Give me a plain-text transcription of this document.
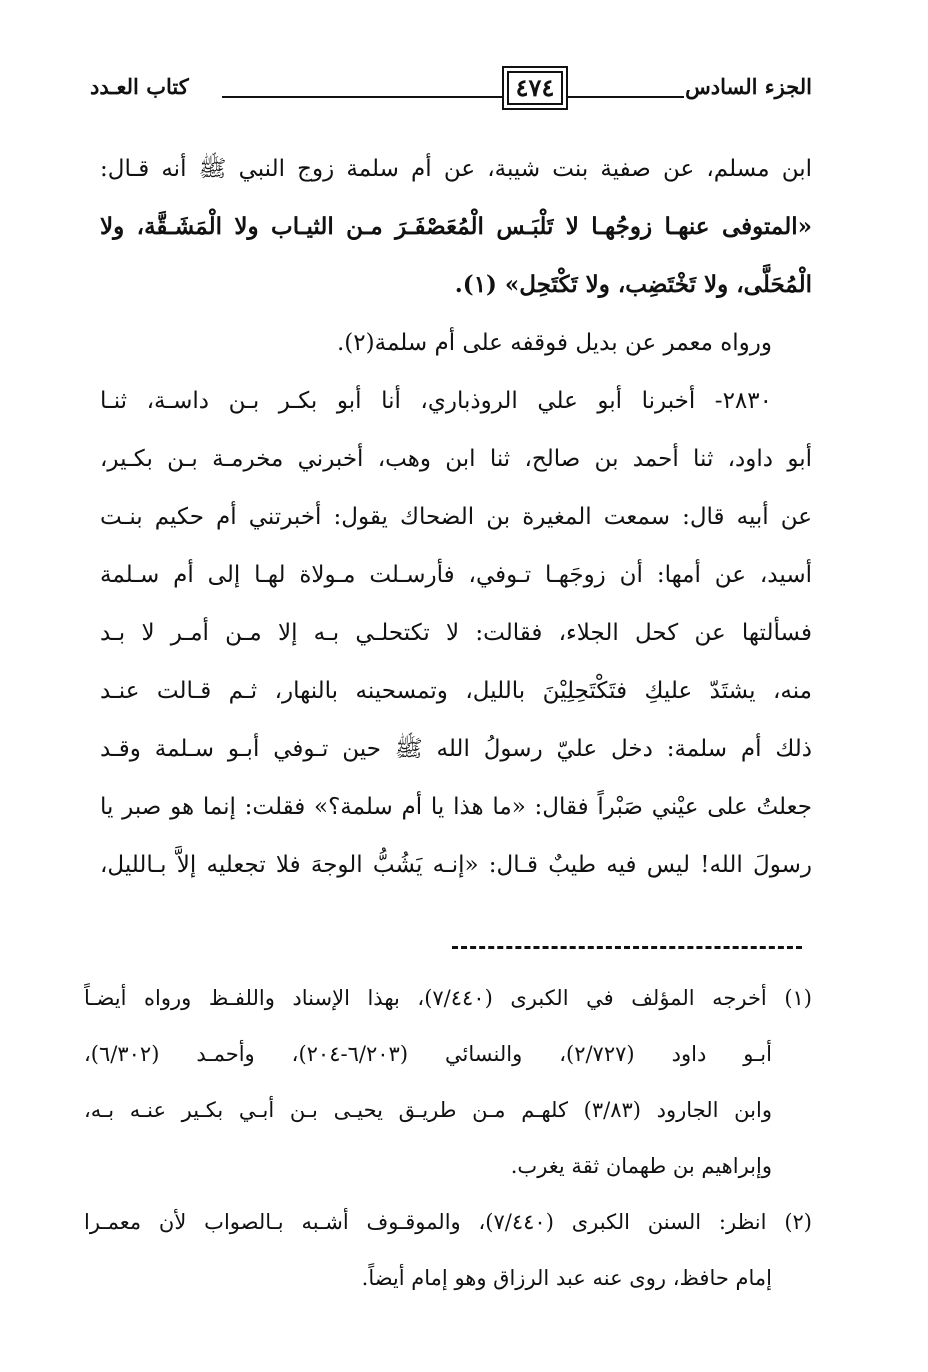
الجزء السادس
٤٧٤
كتاب العـدد
ابن مسلم، عن صفية بنت شيبة، عن أم سلمة زوج النبي ﷺ أنه قـال:
«المتوفى عنهـا زوجُهـا لا تَلْبَـس الْمُعَصْفَـرَ مـن الثيـاب ولا الْمَشَـقَّة، ولا
الْمُحَلَّى، ولا تَخْتَضِب، ولا تَكْتَحِل» (١).
ورواه معمر عن بديل فوقفه على أم سلمة(٢).
٢٨٣٠- أخبرنا أبو علي الروذباري، أنا أبو بكـر بـن داسـة، ثنـا
أبو داود، ثنا أحمد بن صالح، ثنا ابن وهب، أخبرني مخرمـة بـن بكـير،
عن أبيه قال: سمعت المغيرة بن الضحاك يقول: أخبرتني أم حكيم بنـت
أسيد، عن أمها: أن زوجَهـا تـوفي، فأرسـلت مـولاة لهـا إلى أم سـلمة
فسألتها عن كحل الجلاء، فقالت: لا تكتحلـي بـه إلا مـن أمـر لا بـد
منه، يشتَدّ عليكِ فتَكْتَحِلِيْنَ بالليل، وتمسحينه بالنهار، ثـم قـالت عنـد
ذلك أم سلمة: دخل عليّ رسولُ الله ﷺ حين تـوفي أبـو سـلمة وقـد
جعلتُ على عيْني صَبْراً فقال: «ما هذا يا أم سلمة؟» فقلت: إنما هو صبر يا
رسولَ الله! ليس فيه طيبٌ قـال: «إنـه يَشُبُّ الوجهَ فلا تجعليه إلاَّ بـالليل،
(١) أخرجه المؤلف في الكبرى (٧/٤٤٠)، بهذا الإسناد واللفـظ ورواه أيضـاً
أبـو داود (٢/٧٢٧)، والنسائي (٦/٢٠٣-٢٠٤)، وأحمـد (٦/٣٠٢)،
وابن الجارود (٣/٨٣) كلهـم مـن طريـق يحيـى بـن أبـي بكـير عنـه بـه،
وإبراهيم بن طهمان ثقة يغرب.
(٢) انظر: السنن الكبرى (٧/٤٤٠)، والموقـوف أشـبه بـالصواب لأن معمـرا
إمام حافظ، روى عنه عبد الرزاق وهو إمام أيضاً.
